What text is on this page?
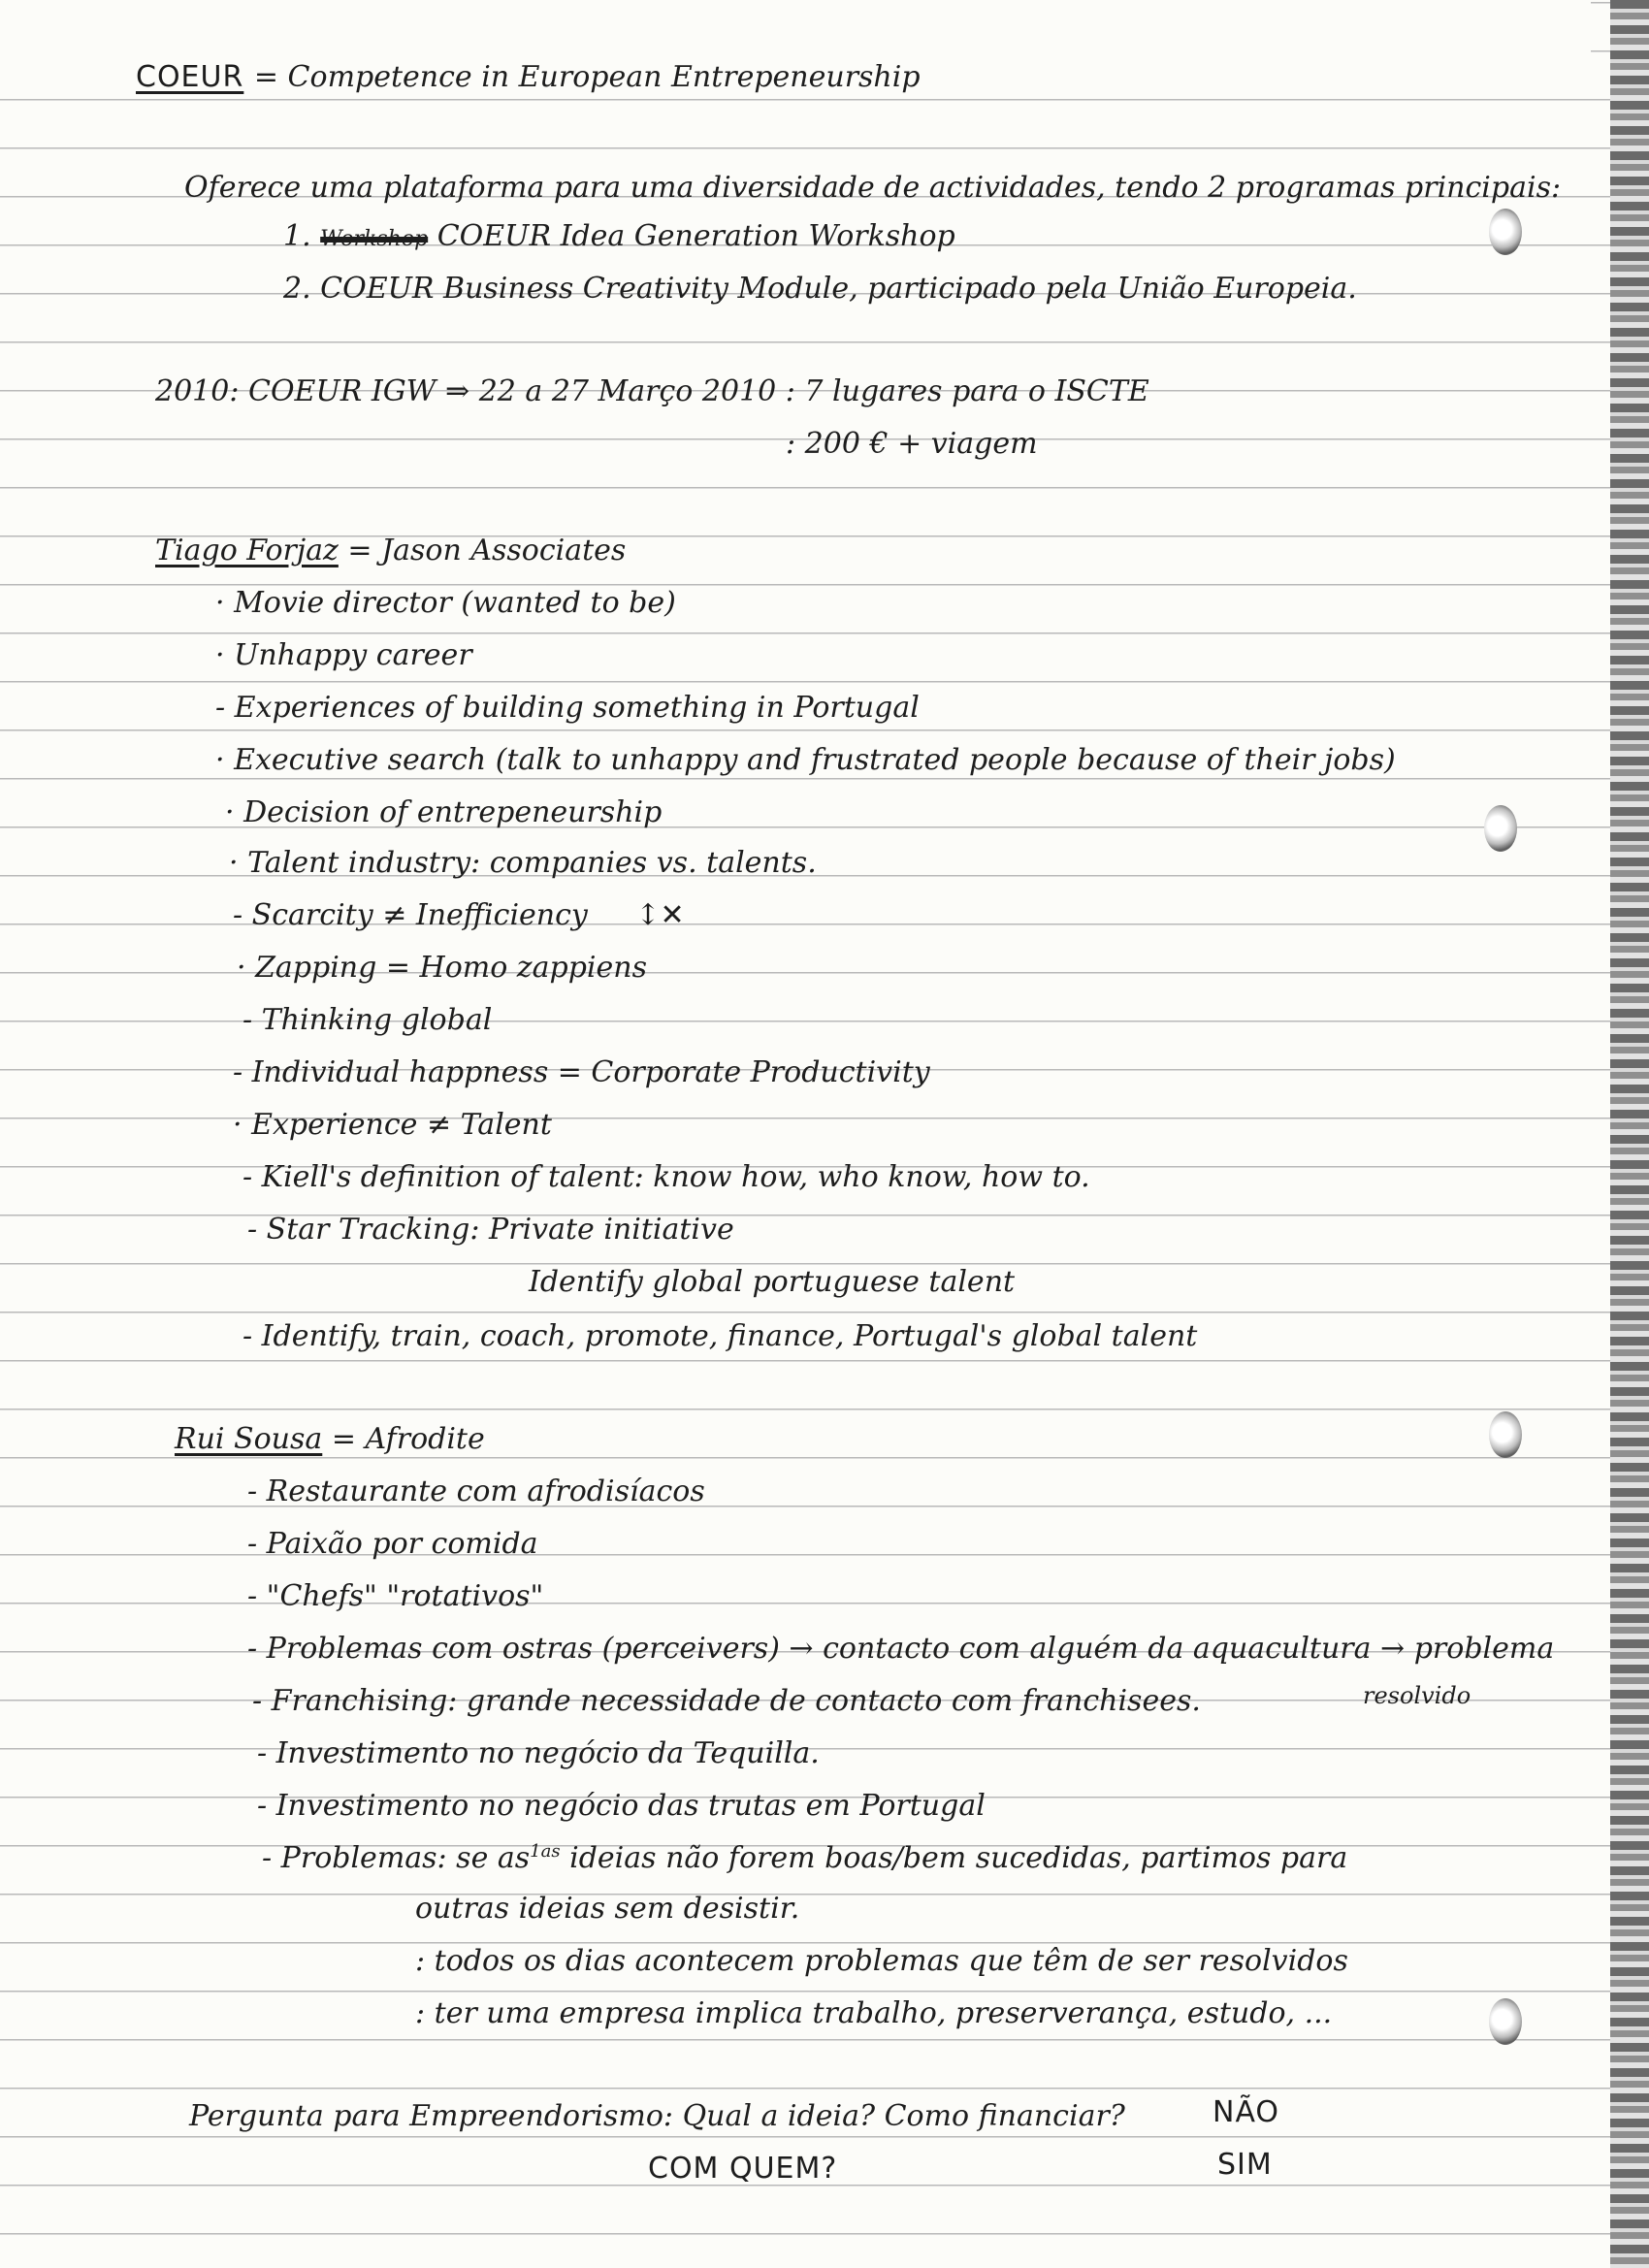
COEUR = Competence in European Entrepeneurship
Oferece uma plataforma para uma diversidade de actividades, tendo 2 programas principais:
1. Workshop COEUR Idea Generation Workshop
2. COEUR Business Creativity Module, participado pela União Europeia.
2010: COEUR IGW ⇒ 22 a 27 Março 2010 : 7 lugares para o ISCTE
: 200 € + viagem
Tiago Forjaz = Jason Associates
· Movie director (wanted to be)
· Unhappy career
- Experiences of building something in Portugal
· Executive search (talk to unhappy and frustrated people because of their jobs)
· Decision of entrepeneurship
· Talent industry: companies vs. talents.
- Scarcity ≠ Inefficiency ↕✕
· Zapping = Homo zappiens
- Thinking global
- Individual happness = Corporate Productivity
· Experience ≠ Talent
- Kiell's definition of talent: know how, who know, how to.
- Star Tracking: Private initiative
Identify global portuguese talent
- Identify, train, coach, promote, finance, Portugal's global talent
Rui Sousa = Afrodite
- Restaurante com afrodisíacos
- Paixão por comida
- "Chefs" "rotativos"
- Problemas com ostras (perceivers) → contacto com alguém da aquacultura → problema
resolvido
- Franchising: grande necessidade de contacto com franchisees.
- Investimento no negócio da Tequilla.
- Investimento no negócio das trutas em Portugal
- Problemas: se $as^{1as}$ ideias não forem boas/bem sucedidas, partimos para
outras ideias sem desistir.
: todos os dias acontecem problemas que têm de ser resolvidos
: ter uma empresa implica trabalho, preserverança, estudo, ...
Pergunta para Empreendorismo: Qual a ideia? Como financiar?	NÃO
COM QUEM?	SIM
